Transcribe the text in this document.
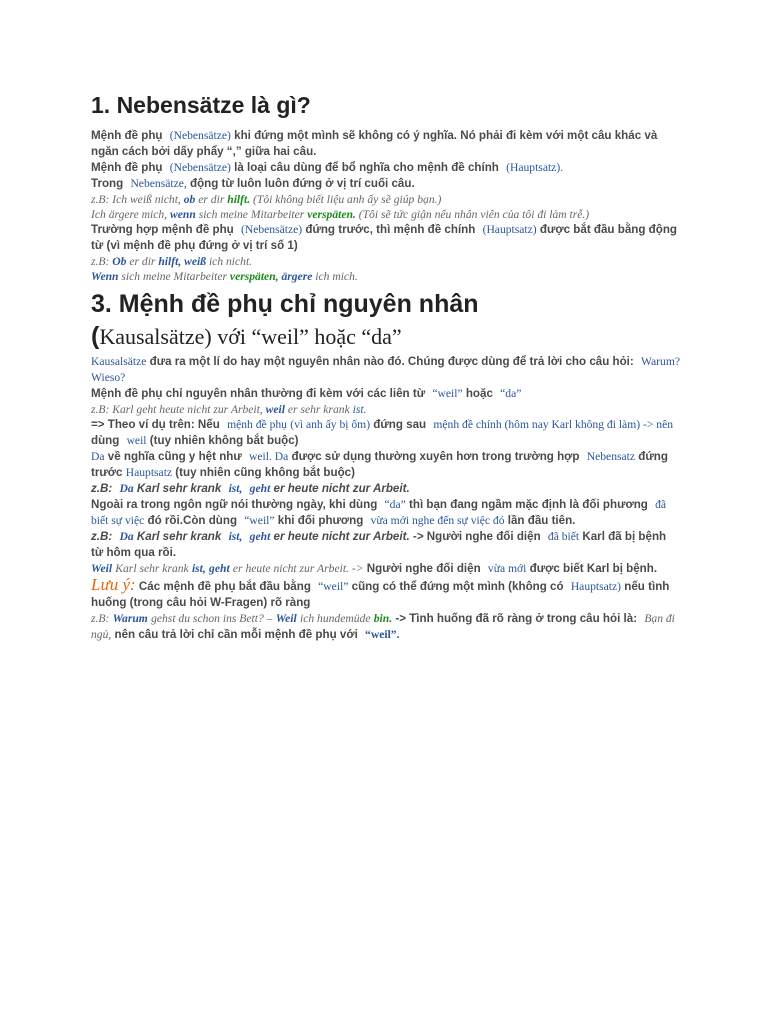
1. Nebensätze là gì?

Mệnh đề phụ (Nebensätze) khi đứng một mình sẽ không có ý nghĩa. Nó phải đi kèm với một câu khác và ngăn cách bởi dấy phẩy “,” giữa hai câu.

Mệnh đề phụ (Nebensätze) là loại câu dùng để bổ nghĩa cho mệnh đề chính (Hauptsatz).

Trong Nebensätze, động từ luôn luôn đứng ở vị trí cuối câu.

z.B: Ich weiß nicht, ob er dir hilft. (Tôi không biết liệu anh ấy sẽ giúp bạn.)

Ich ärgere mich, wenn sich meine Mitarbeiter verspäten. (Tôi sẽ tức giận nếu nhân viên của tôi đi làm trễ.)

Trường hợp mệnh đề phụ (Nebensätze) đứng trước, thì mệnh đề chính (Hauptsatz) được bắt đầu bằng động từ (vì mệnh đề phụ đứng ở vị trí số 1)

z.B: Ob er dir hilft, weiß ich nicht.

Wenn sich meine Mitarbeiter verspäten, ärgere ich mich.

3. Mệnh đề phụ chỉ nguyên nhân
(Kausalsätze) với “weil” hoặc “da”

Kausalsätze đưa ra một lí do hay một nguyên nhân nào đó. Chúng được dùng để trả lời cho câu hỏi: Warum? Wieso?

Mệnh đề phụ chỉ nguyên nhân thường đi kèm với các liên từ “weil” hoặc “da”

z.B: Karl geht heute nicht zur Arbeit, weil er sehr krank ist.

=> Theo ví dụ trên: Nếu mệnh đề phụ (vì anh ấy bị ốm) đứng sau mệnh đề chính (hôm nay Karl không đi làm) -> nên dùng weil (tuy nhiên không bắt buộc)

Da về nghĩa cũng y hệt như weil. Da được sử dụng thường xuyên hơn trong trường hợp Nebensatz đứng trước Hauptsatz (tuy nhiên cũng không bắt buộc)

z.B: Da Karl sehr krank ist, geht er heute nicht zur Arbeit.

Ngoài ra trong ngôn ngữ nói thường ngày, khi dùng “da” thì bạn đang ngầm mặc định là đối phương đã biết sự việc đó rồi.Còn dùng “weil” khi đối phương vừa mới nghe đến sự việc đó lần đầu tiên.

z.B: Da Karl sehr krank ist, geht er heute nicht zur Arbeit. -> Người nghe đối diện đã biết Karl đã bị bệnh từ hôm qua rồi.

Weil Karl sehr krank ist, geht er heute nicht zur Arbeit. -> Người nghe đối diện vừa mới được biết Karl bị bệnh.

Lưu ý: Các mệnh đề phụ bắt đầu bằng “weil” cũng có thể đứng một mình (không có Hauptsatz) nếu tình huống (trong câu hỏi W-Fragen) rõ ràng

z.B: Warum gehst du schon ins Bett? – Weil ich hundemüde bin. -> Tình huống đã rõ ràng ở trong câu hỏi là: Bạn đi ngủ, nên câu trả lời chỉ cần mỗi mệnh đề phụ với “weil”.
